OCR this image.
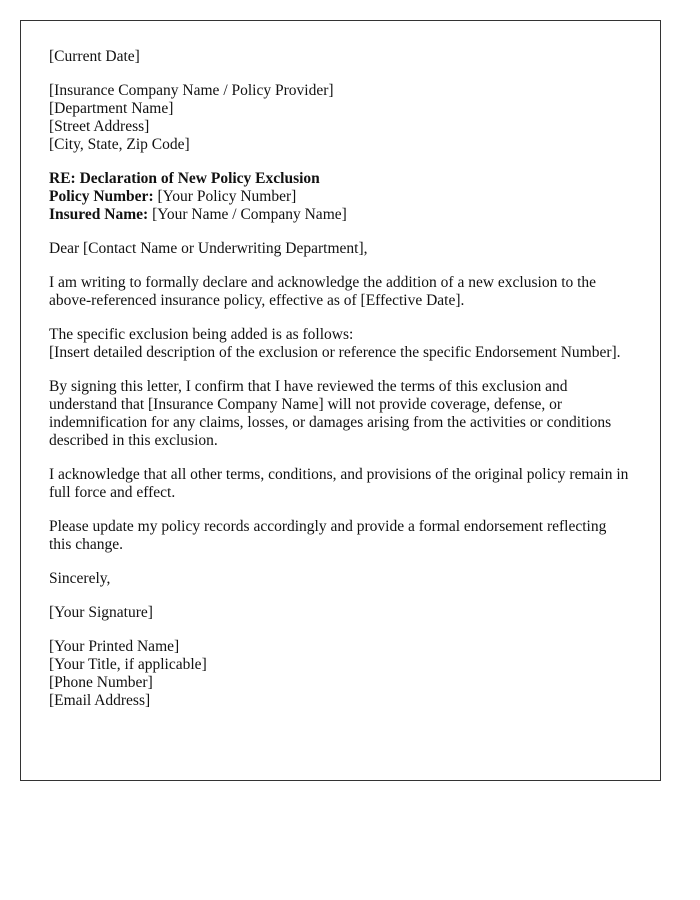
[Current Date]
[Insurance Company Name / Policy Provider]
[Department Name]
[Street Address]
[City, State, Zip Code]
RE: Declaration of New Policy Exclusion
Policy Number: [Your Policy Number]
Insured Name: [Your Name / Company Name]
Dear [Contact Name or Underwriting Department],
I am writing to formally declare and acknowledge the addition of a new exclusion to the above-referenced insurance policy, effective as of [Effective Date].
The specific exclusion being added is as follows:
[Insert detailed description of the exclusion or reference the specific Endorsement Number].
By signing this letter, I confirm that I have reviewed the terms of this exclusion and understand that [Insurance Company Name] will not provide coverage, defense, or indemnification for any claims, losses, or damages arising from the activities or conditions described in this exclusion.
I acknowledge that all other terms, conditions, and provisions of the original policy remain in full force and effect.
Please update my policy records accordingly and provide a formal endorsement reflecting this change.
Sincerely,
[Your Signature]
[Your Printed Name]
[Your Title, if applicable]
[Phone Number]
[Email Address]
